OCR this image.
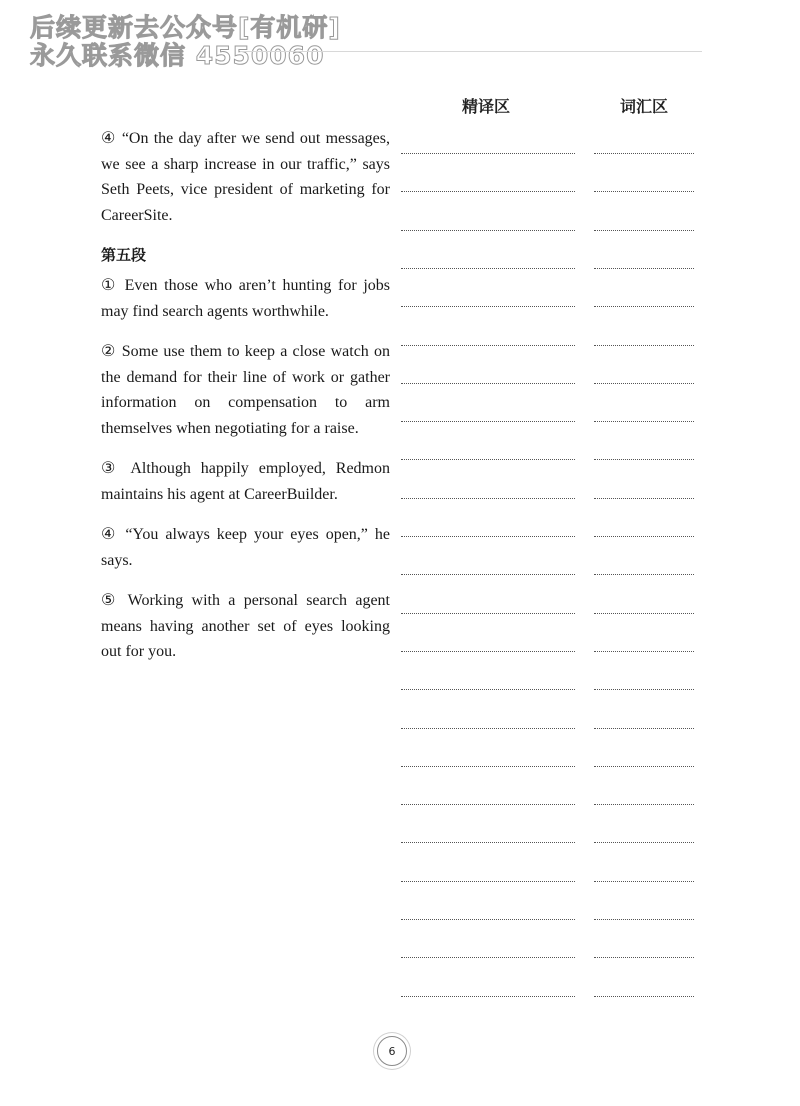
后续更新去公众号[有机研]
永久联系微信 4550060
精译区	词汇区

④ “On the day after we send out messages, we see a sharp increase in our traffic,” says Seth Peets, vice president of marketing for CareerSite.

第五段

① Even those who aren’t hunting for jobs may find search agents worthwhile.

② Some use them to keep a close watch on the demand for their line of work or gather information on compensation to arm themselves when negotiating for a raise.

③ Although happily employed, Redmon maintains his agent at CareerBuilder.

④ “You always keep your eyes open,” he says.

⑤ Working with a personal search agent means having another set of eyes looking out for you.

6
